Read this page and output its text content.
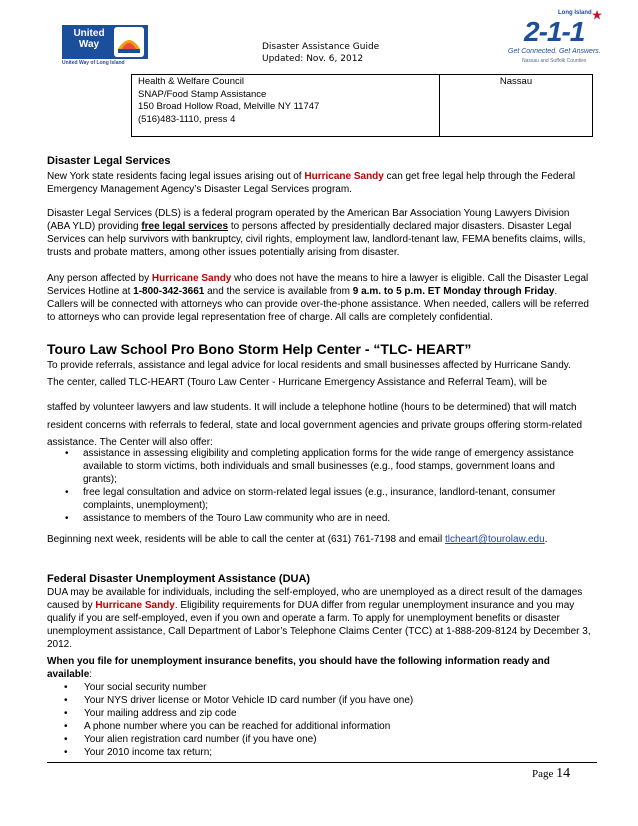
United Way
United Way of Long Island
Long Island
2-1-1
Get Connected. Get Answers.
Nassau and Suffolk Counties
Disaster Assistance Guide
Updated: Nov. 6, 2012
Health & Welfare Council
SNAP/Food Stamp Assistance
150 Broad Hollow Road, Melville NY 11747
(516)483-1110, press 4
	Nassau
Disaster Legal Services

New York state residents facing legal issues arising out of Hurricane Sandy can get free legal help through the Federal Emergency Management Agency’s Disaster Legal Services program.

Disaster Legal Services (DLS) is a federal program operated by the American Bar Association Young Lawyers Division (ABA YLD) providing free legal services to persons affected by presidentially declared major disasters. Disaster Legal Services can help survivors with bankruptcy, civil rights, employment law, landlord-tenant law, FEMA benefits claims, wills, trusts and probate matters, among other issues potentially arising from disaster.

Any person affected by Hurricane Sandy who does not have the means to hire a lawyer is eligible. Call the Disaster Legal Services Hotline at 1-800-342-3661 and the service is available from 9 a.m. to 5 p.m. ET Monday through Friday. Callers will be connected with attorneys who can provide over-the-phone assistance. When needed, callers will be referred to attorneys who can provide legal representation free of charge. All calls are completely confidential.

Touro Law School Pro Bono Storm Help Center - “TLC- HEART”

To provide referrals, assistance and legal advice for local residents and small businesses affected by Hurricane Sandy.

The center, called TLC-HEART (Touro Law Center - Hurricane Emergency Assistance and Referral Team), will be

staffed by volunteer lawyers and law students. It will include a telephone hotline (hours to be determined) that will match resident concerns with referrals to federal, state and local government agencies and private groups offering storm-related assistance. The Center will also offer:

• assistance in assessing eligibility and completing application forms for the wide range of emergency assistance available to storm victims, both individuals and small businesses (e.g., food stamps, government loans and grants);
• free legal consultation and advice on storm-related legal issues (e.g., insurance, landlord-tenant, consumer complaints, unemployment);
• assistance to members of the Touro Law community who are in need.

Beginning next week, residents will be able to call the center at (631) 761-7198 and email tlcheart@tourolaw.edu.

Federal Disaster Unemployment Assistance (DUA)

DUA may be available for individuals, including the self-employed, who are unemployed as a direct result of the damages caused by Hurricane Sandy. Eligibility requirements for DUA differ from regular unemployment insurance and you may qualify if you are self-employed, even if you own and operate a farm. To apply for unemployment benefits or disaster unemployment assistance, Call Department of Labor’s Telephone Claims Center (TCC) at 1-888-209-8124 by December 3, 2012.

When you file for unemployment insurance benefits, you should have the following information ready and available:

• Your social security number
• Your NYS driver license or Motor Vehicle ID card number (if you have one)
• Your mailing address and zip code
• A phone number where you can be reached for additional information
• Your alien registration card number (if you have one)
• Your 2010 income tax return;
Page 14
